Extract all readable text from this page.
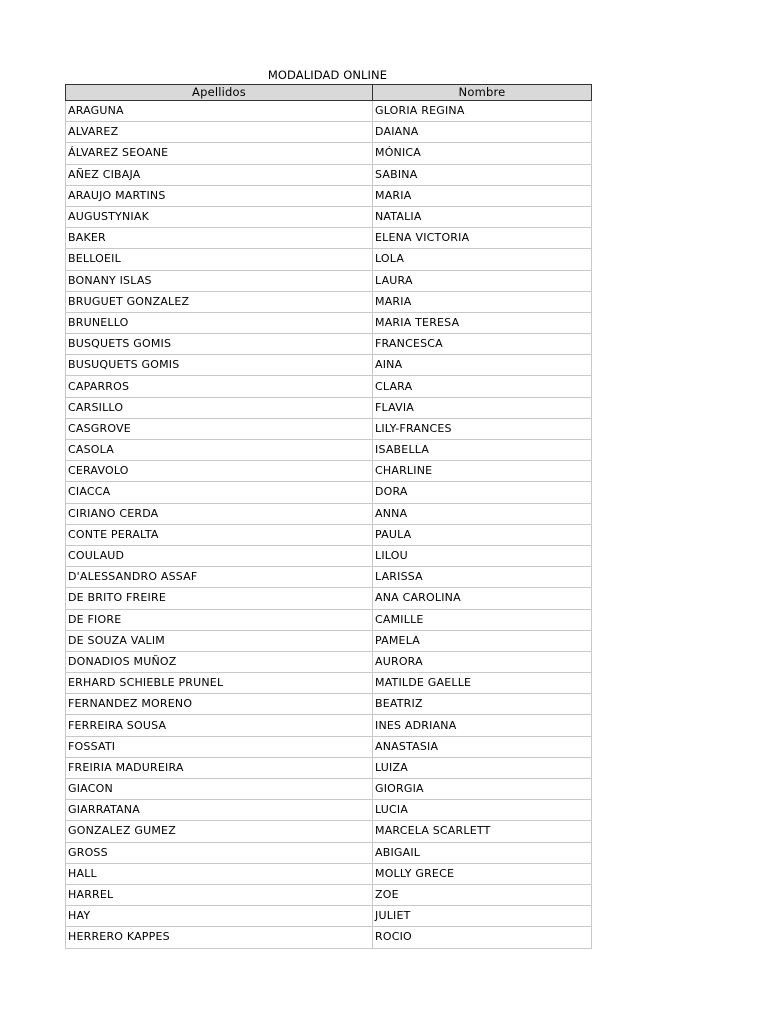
MODALIDAD ONLINE
Apellidos	Nombre
ARAGUNA	GLORIA REGINA
ALVAREZ	DAIANA
ÁLVAREZ SEOANE	MÓNICA
AÑEZ CIBAJA	SABINA
ARAUJO MARTINS	MARIA
AUGUSTYNIAK	NATALIA
BAKER	ELENA VICTORIA
BELLOEIL	LOLA
BONANY ISLAS	LAURA
BRUGUET GONZALEZ	MARIA
BRUNELLO	MARIA TERESA
BUSQUETS GOMIS	FRANCESCA
BUSUQUETS GOMIS	AINA
CAPARROS	CLARA
CARSILLO	FLAVIA
CASGROVE	LILY-FRANCES
CASOLA	ISABELLA
CERAVOLO	CHARLINE
CIACCA	DORA
CIRIANO CERDA	ANNA
CONTE PERALTA	PAULA
COULAUD	LILOU
D'ALESSANDRO ASSAF	LARISSA
DE BRITO FREIRE	ANA CAROLINA
DE FIORE	CAMILLE
DE SOUZA VALIM	PAMELA
DONADIOS MUÑOZ	AURORA
ERHARD SCHIEBLE PRUNEL	MATILDE GAELLE
FERNANDEZ MORENO	BEATRIZ
FERREIRA SOUSA	INES ADRIANA
FOSSATI	ANASTASIA
FREIRIA MADUREIRA	LUIZA
GIACON	GIORGIA
GIARRATANA	LUCIA
GONZALEZ GUMEZ	MARCELA SCARLETT
GROSS	ABIGAIL
HALL	MOLLY GRECE
HARREL	ZOE
HAY	JULIET
HERRERO KAPPES	ROCIO
